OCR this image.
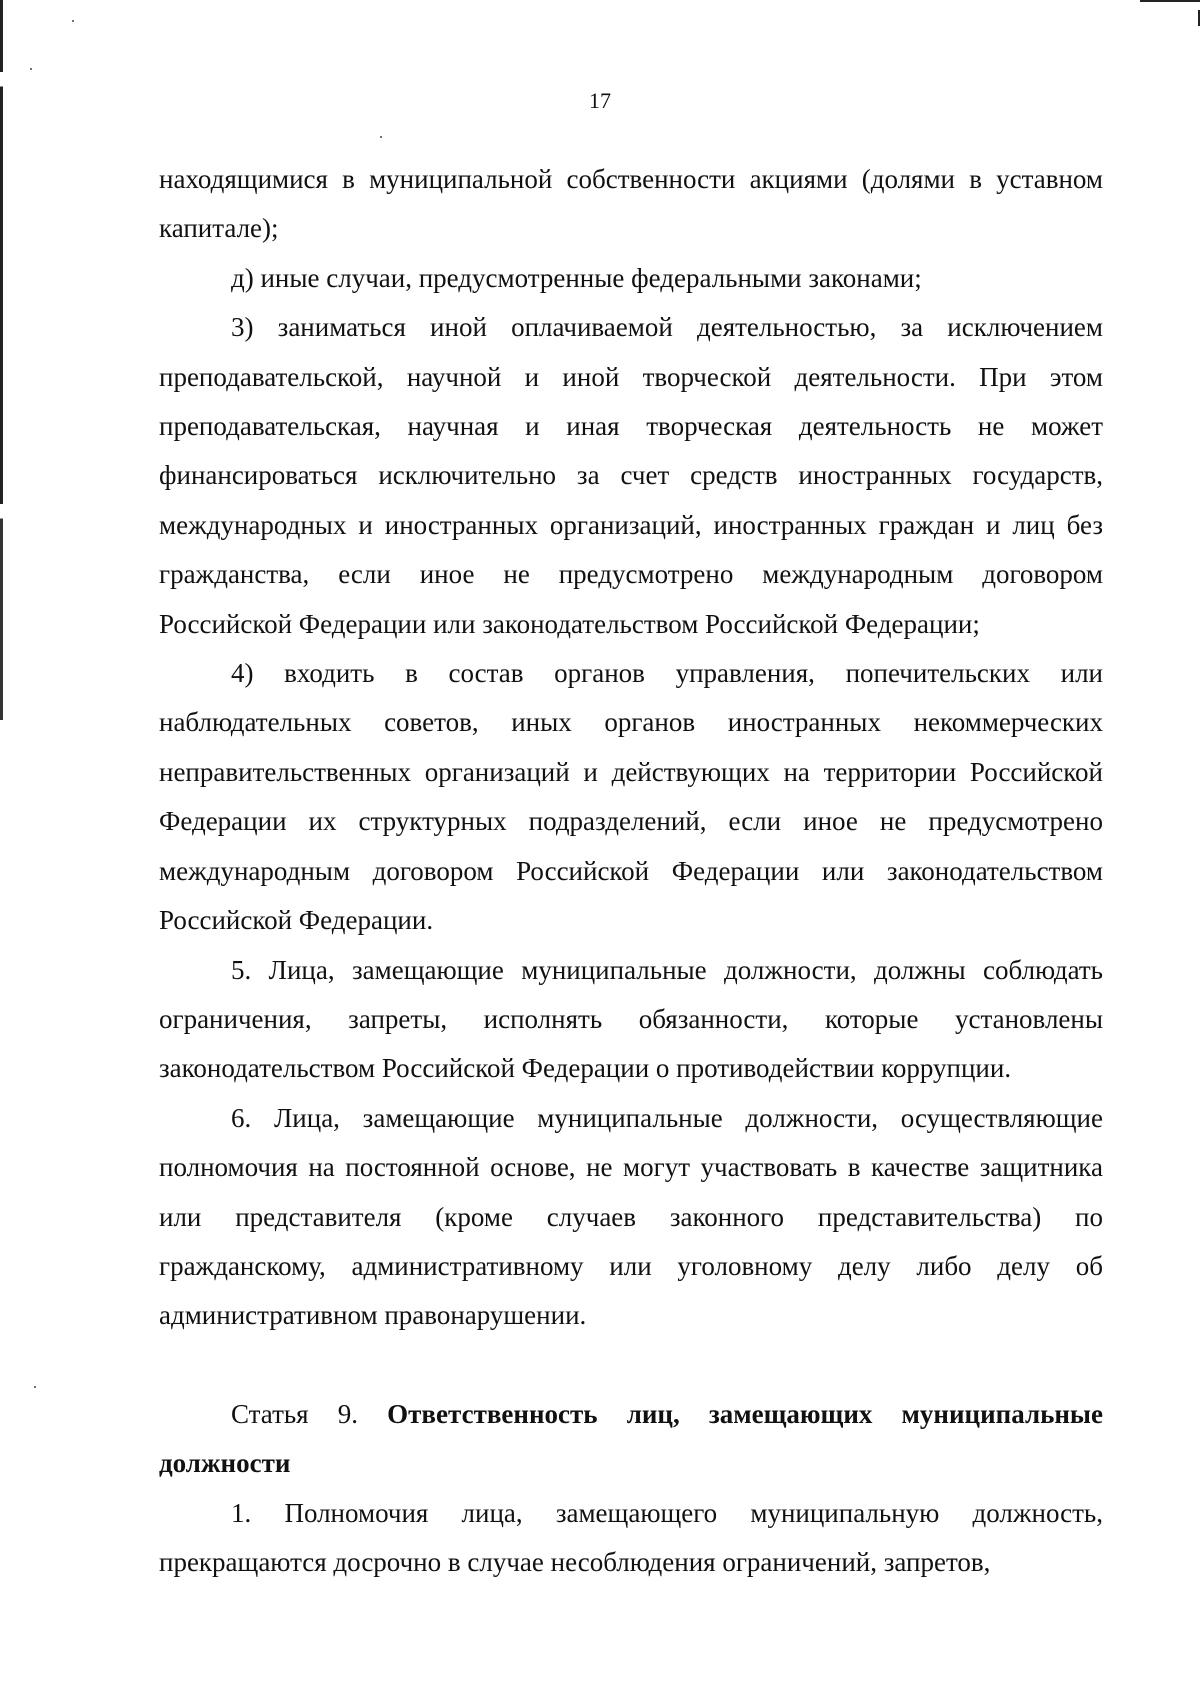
17

находящимися в муниципальной собственности акциями (долями в уставном капитале);

д) иные случаи, предусмотренные федеральными законами;

3) заниматься иной оплачиваемой деятельностью, за исключением преподавательской, научной и иной творческой деятельности. При этом преподавательская, научная и иная творческая деятельность не может финансироваться исключительно за счет средств иностранных государств, международных и иностранных организаций, иностранных граждан и лиц без гражданства, если иное не предусмотрено международным договором Российской Федерации или законодательством Российской Федерации;

4) входить в состав органов управления, попечительских или наблюдательных советов, иных органов иностранных некоммерческих неправительственных организаций и действующих на территории Российской Федерации их структурных подразделений, если иное не предусмотрено международным договором Российской Федерации или законодательством Российской Федерации.

5. Лица, замещающие муниципальные должности, должны соблюдать ограничения, запреты, исполнять обязанности, которые установлены законодательством Российской Федерации о противодействии коррупции.

6. Лица, замещающие муниципальные должности, осуществляющие полномочия на постоянной основе, не могут участвовать в качестве защитника или представителя (кроме случаев законного представительства) по гражданскому, административному или уголовному делу либо делу об административном правонарушении.

Статья 9. Ответственность лиц, замещающих муниципальные должности

1. Полномочия лица, замещающего муниципальную должность, прекращаются досрочно в случае несоблюдения ограничений, запретов,
